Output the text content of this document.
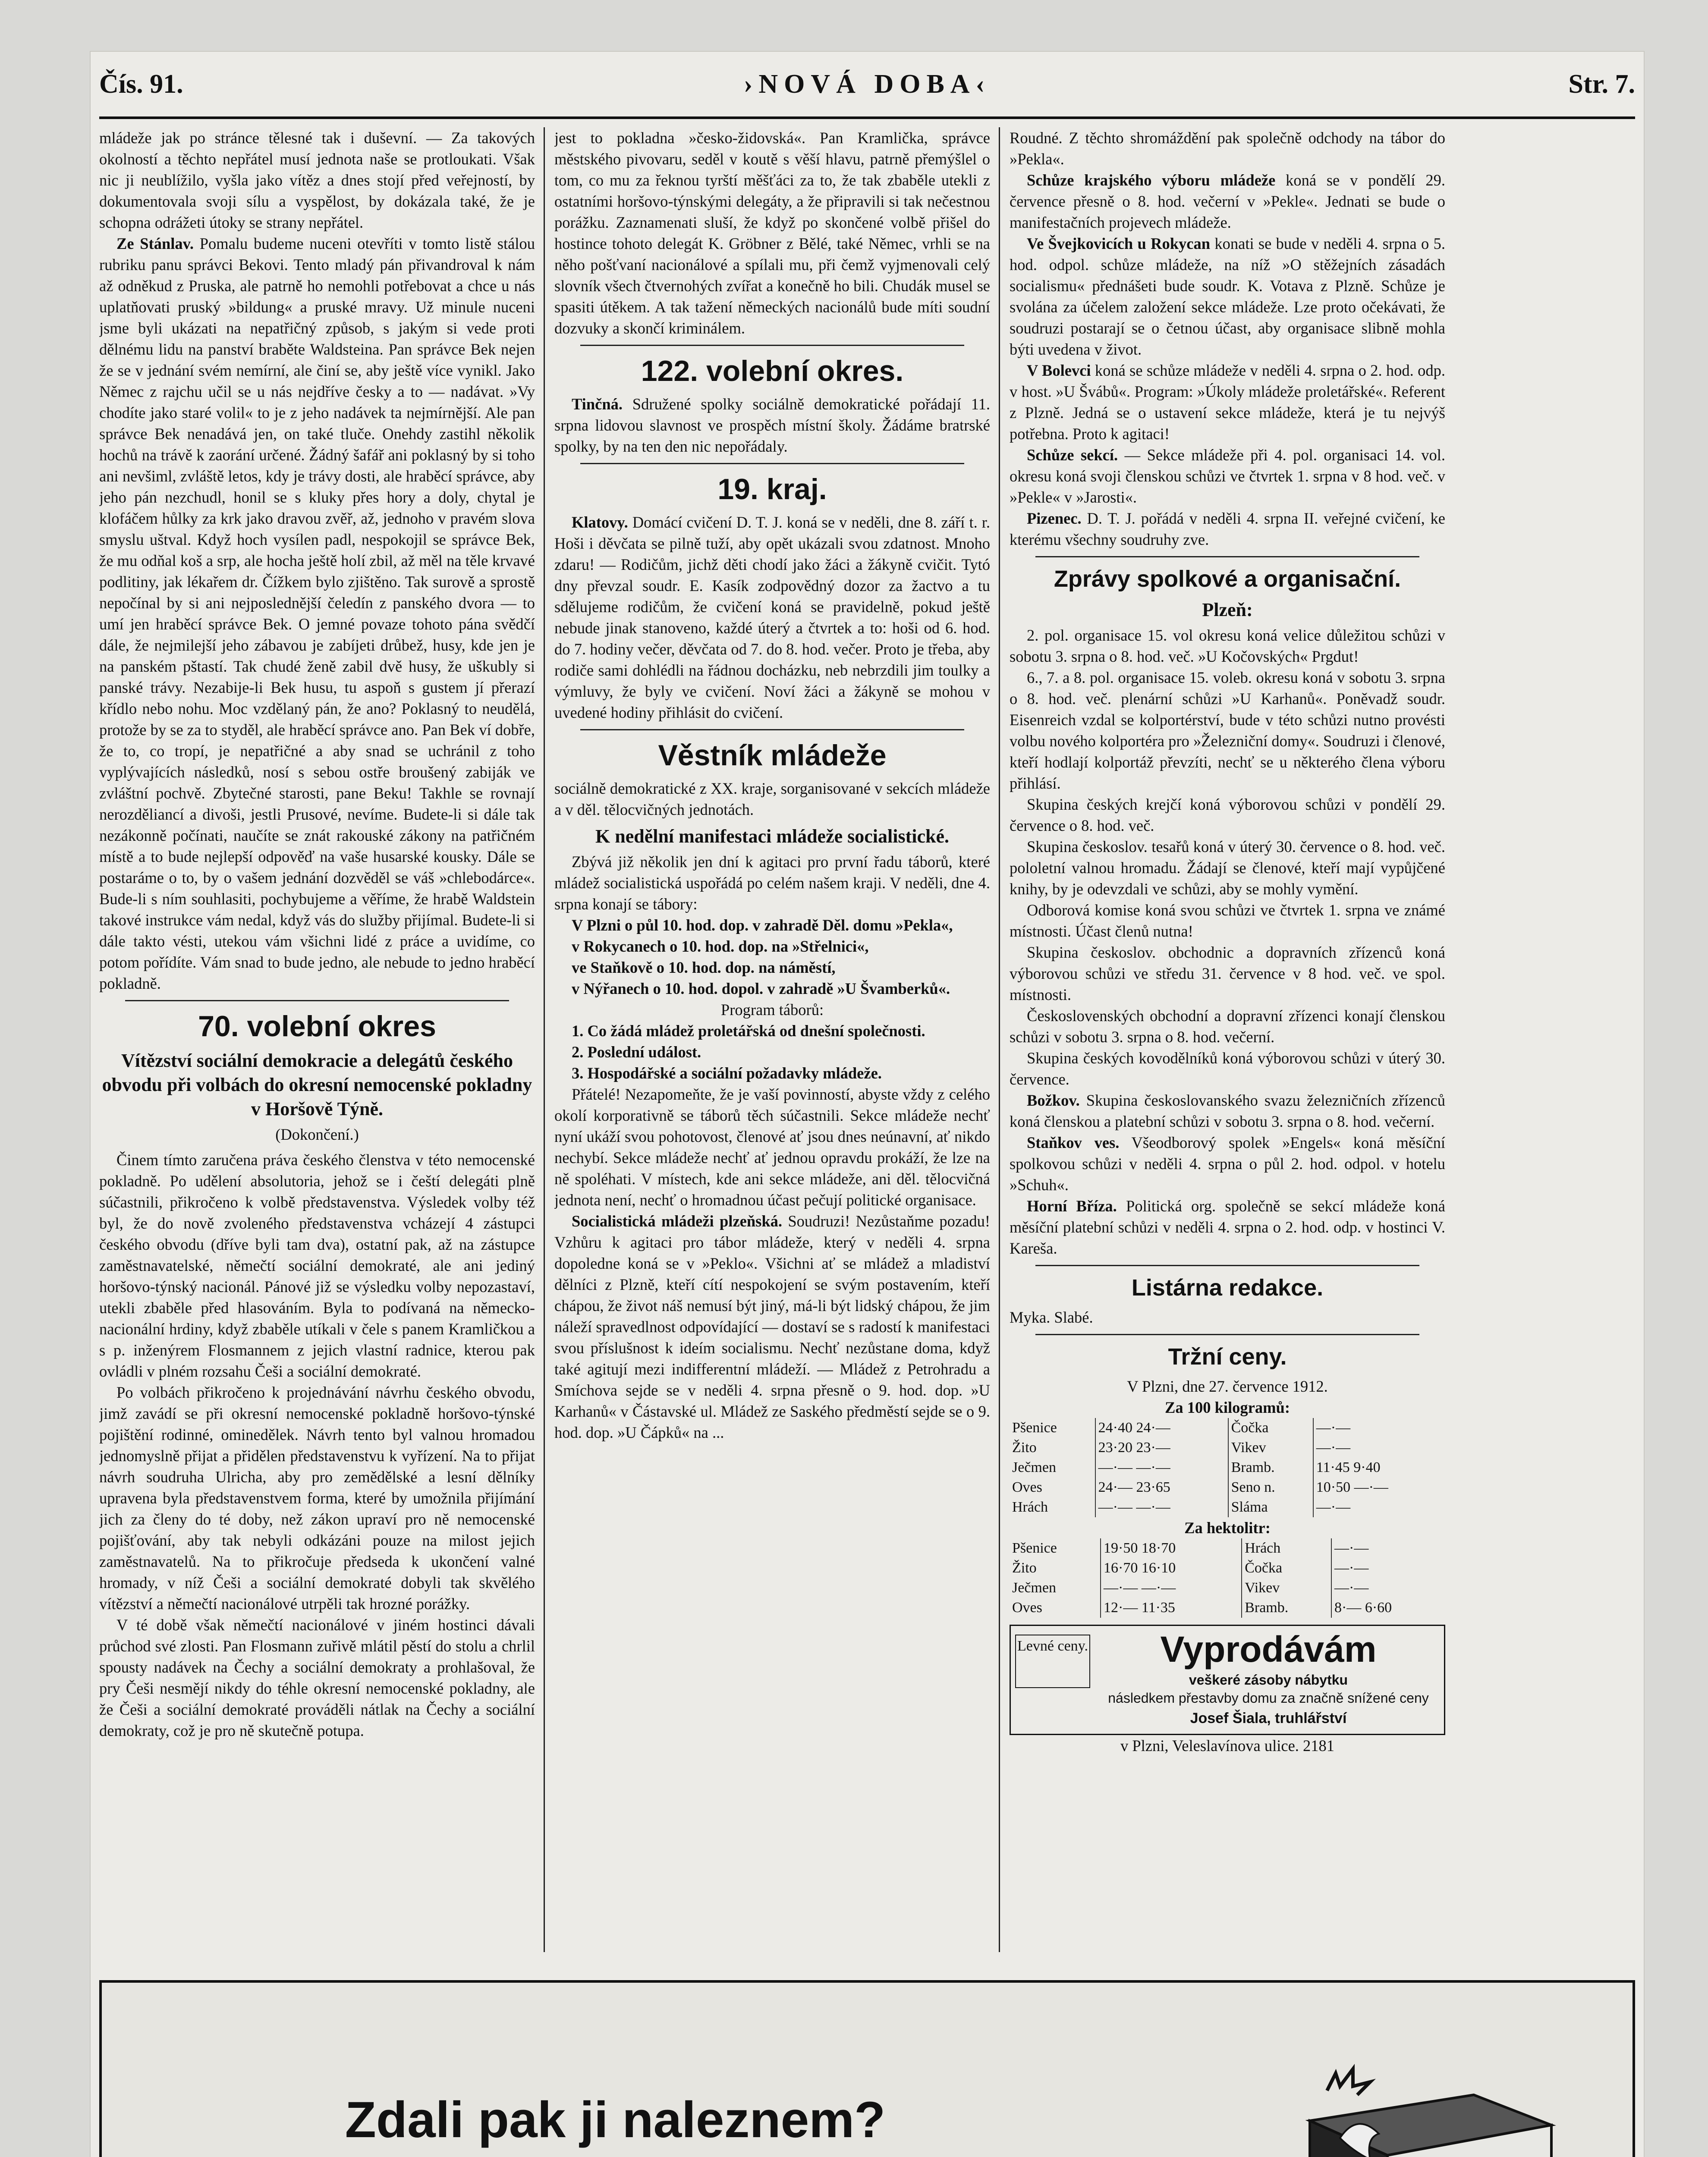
Čís. 91.	›NOVÁ DOBA‹	Str. 7.

mládeže jak po stránce tělesné tak i duševní. — Za takových okolností a těchto nepřátel musí jednota naše se protloukati. Však nic ji neublížilo, vyšla jako vítěz a dnes stojí před veřejností, by dokumentovala svoji sílu a vyspělost, by dokázala také, že je schopna odrážeti útoky se strany nepřátel.

Ze Stánlav. Pomalu budeme nuceni otevříti v tomto listě stálou rubriku panu správci Bekovi. Tento mladý pán přivandroval k nám až odněkud z Pruska, ale patrně ho nemohli potřebovat a chce u nás uplatňovati pruský »bildung« a pruské mravy. Už minule nuceni jsme byli ukázati na nepatřičný způsob, s jakým si vede proti dělnému lidu na panství braběte Waldsteina. Pan správce Bek nejen že se v jednání svém nemírní, ale činí se, aby ještě více vynikl. Jako Němec z rajchu učil se u nás nejdříve česky a to — nadávat. »Vy chodíte jako staré volil« to je z jeho nadávek ta nejmírnější. Ale pan správce Bek nenadává jen, on také tluče. Onehdy zastihl několik hochů na trávě k zaorání určené. Žádný šafář ani poklasný by si toho ani nevšiml, zvláště letos, kdy je trávy dosti, ale hraběcí správce, aby jeho pán nezchudl, honil se s kluky přes hory a doly, chytal je klofáčem hůlky za krk jako dravou zvěř, až, jednoho v pravém slova smyslu uštval. Když hoch vysílen padl, nespokojil se správce Bek, že mu odňal koš a srp, ale hocha ještě holí zbil, až měl na těle krvavé podlitiny, jak lékařem dr. Čížkem bylo zjištěno. Tak surově a sprostě nepočínal by si ani nejposlednější čeledín z panského dvora — to umí jen hraběcí správce Bek. O jemné povaze tohoto pána svědčí dále, že nejmilejší jeho zábavou je zabíjeti drůbež, husy, kde jen je na panském pštastí. Tak chudé ženě zabil dvě husy, že uškubly si panské trávy. Nezabije-li Bek husu, tu aspoň s gustem jí přerazí křídlo nebo nohu. Moc vzdělaný pán, že ano? Poklasný to neudělá, protože by se za to styděl, ale hraběcí správce ano. Pan Bek ví dobře, že to, co tropí, je nepatřičné a aby snad se uchránil z toho vyplývajících následků, nosí s sebou ostře broušený zabiják ve zvláštní pochvě. Zbytečné starosti, pane Beku! Takhle se rovnají nerozděliancí a divoši, jestli Prusové, nevíme. Budete-li si dále tak nezákonně počínati, naučíte se znát rakouské zákony na patřičném místě a to bude nejlepší odpověď na vaše husarské kousky. Dále se postaráme o to, by o vašem jednání dozvěděl se váš »chlebodárce«. Bude-li s ním souhlasiti, pochybujeme a věříme, že hrabě Waldstein takové instrukce vám nedal, když vás do služby přijímal. Budete-li si dále takto vésti, utekou vám všichni lidé z práce a uvidíme, co potom pořídíte. Vám snad to bude jedno, ale nebude to jedno hraběcí pokladně.

70. volební okres
Vítězství sociální demokracie a delegátů českého obvodu při volbách do okresní nemocenské pokladny v Horšově Týně.
(Dokončení.)

Činem tímto zaručena práva českého členstva v této nemocenské pokladně. Po udělení absolutoria, jehož se i čeští delegáti plně súčastnili, přikročeno k volbě představenstva. Výsledek volby též byl, že do nově zvoleného představenstva vcházejí 4 zástupci českého obvodu (dříve byli tam dva), ostatní pak, až na zástupce zaměstnavatelské, němečtí sociální demokraté, ale ani jediný horšovo-týnský nacionál. Pánové již se výsledku volby nepozastaví, utekli zbaběle před hlasováním. Byla to podívaná na německo-nacionální hrdiny, když zbaběle utíkali v čele s panem Kramličkou a s p. inženýrem Flosmannem z jejich vlastní radnice, kterou pak ovládli v plném rozsahu Češi a sociální demokraté.

Po volbách přikročeno k projednávání návrhu českého obvodu, jimž zavádí se při okresní nemocenské pokladně horšovo-týnské pojištění rodinné, ominedělek. Návrh tento byl valnou hromadou jednomyslně přijat a přidělen představenstvu k vyřízení. Na to přijat návrh soudruha Ulricha, aby pro zemědělské a lesní dělníky upravena byla představenstvem forma, které by umožnila přijímání jich za členy do té doby, než zákon upraví pro ně nemocenské pojišťování, aby tak nebyli odkázáni pouze na milost jejich zaměstnavatelů. Na to přikročuje předseda k ukončení valné hromady, v níž Češi a sociální demokraté dobyli tak skvělého vítězství a němečtí nacionálové utrpěli tak hrozné porážky.

V té době však němečtí nacionálové v jiném hostinci dávali průchod své zlosti. Pan Flosmann zuřivě mlátil pěstí do stolu a chrlil spousty nadávek na Čechy a sociální demokraty a prohlašoval, že pry Češi nesmějí nikdy do téhle okresní nemocenské pokladny, ale že Češi a sociální demokraté prováděli nátlak na Čechy a sociální demokraty, což je pro ně skutečně potupa.

jest to pokladna »česko-židovská«. Pan Kramlička, správce městského pivovaru, seděl v koutě s věší hlavu, patrně přemýšlel o tom, co mu za řeknou tyrští měšťáci za to, že tak zbaběle utekli z ostatními horšovo-týnskými delegáty, a že připravili si tak nečestnou porážku. Zaznamenati sluší, že když po skončené volbě přišel do hostince tohoto delegát K. Gröbner z Bělé, také Němec, vrhli se na něho pošťvaní nacionálové a spílali mu, při čemž vyjmenovali celý slovník všech čtvernohých zvířat a konečně ho bili. Chudák musel se spasiti útěkem. A tak tažení německých nacionálů bude míti soudní dozvuky a skončí kriminálem.

122. volební okres.

Tinčná. Sdružené spolky sociálně demokratické pořádají 11. srpna lidovou slavnost ve prospěch místní školy. Žádáme bratrské spolky, by na ten den nic nepořádaly.

19. kraj.

Klatovy. Domácí cvičení D. T. J. koná se v neděli, dne 8. září t. r. Hoši i děvčata se pilně tuží, aby opět ukázali svou zdatnost. Mnoho zdaru! — Rodičům, jichž děti chodí jako žáci a žákyně cvičit. Tytó dny převzal soudr. E. Kasík zodpovědný dozor za žactvo a tu sdělujeme rodičům, že cvičení koná se pravidelně, pokud ještě nebude jinak stanoveno, každé úterý a čtvrtek a to: hoši od 6. hod. do 7. hodiny večer, děvčata od 7. do 8. hod. večer. Proto je třeba, aby rodiče sami dohlédli na řádnou docházku, neb nebrzdili jim toulky a výmluvy, že byly ve cvičení. Noví žáci a žákyně se mohou v uvedené hodiny přihlásit do cvičení.

Věstník mládeže

sociálně demokratické z XX. kraje, sorganisované v sekcích mládeže a v děl. tělocvičných jednotách.

K nedělní manifestaci mládeže socialistické.

Zbývá již několik jen dní k agitaci pro první řadu táborů, které mládež socialistická uspořádá po celém našem kraji. V neděli, dne 4. srpna konají se tábory:

V Plzni o půl 10. hod. dop. v zahradě Děl. domu »Pekla«,

v Rokycanech o 10. hod. dop. na »Střelnici«,

ve Staňkově o 10. hod. dop. na náměstí,

v Nýřanech o 10. hod. dopol. v zahradě »U Švamberků«.

Program táborů:

1. Co žádá mládež proletářská od dnešní společnosti.

2. Poslední událost.

3. Hospodářské a sociální požadavky mládeže.

Přátelé! Nezapomeňte, že je vaší povinností, abyste vždy z celého okolí korporativně se táborů těch súčastnili. Sekce mládeže nechť nyní ukáží svou pohotovost, členové ať jsou dnes neúnavní, ať nikdo nechybí. Sekce mládeže nechť ať jednou opravdu prokáží, že lze na ně spoléhati. V místech, kde ani sekce mládeže, ani děl. tělocvičná jednota není, nechť o hromadnou účast pečují politické organisace.

Socialistická mládeži plzeňská. Soudruzi! Nezůstaňme pozadu! Vzhůru k agitaci pro tábor mládeže, který v neděli 4. srpna dopoledne koná se v »Peklo«. Všichni ať se mládež a mladiství dělníci z Plzně, kteří cítí nespokojení se svým postavením, kteří chápou, že život náš nemusí být jiný, má-li být lidský chápou, že jim náleží spravedlnost odpovídající — dostaví se s radostí k manifestaci svou příslušnost k ideím socialismu. Nechť nezůstane doma, když také agitují mezi indifferentní mládeží. — Mládež z Petrohradu a Smíchova sejde se v neděli 4. srpna přesně o 9. hod. dop. »U Karhanů« v Částavské ul. Mládež ze Saského předměstí sejde se o 9. hod. dop. »U Čápků« na ...

Roudné. Z těchto shromáždění pak společně odchody na tábor do »Pekla«.

Schůze krajského výboru mládeže koná se v pondělí 29. července přesně o 8. hod. večerní v »Pekle«. Jednati se bude o manifestačních projevech mládeže.

Ve Švejkovicích u Rokycan konati se bude v neděli 4. srpna o 5. hod. odpol. schůze mládeže, na níž »O stěžejních zásadách socialismu« přednášeti bude soudr. K. Votava z Plzně. Schůze je svolána za účelem založení sekce mládeže. Lze proto očekávati, že soudruzi postarají se o četnou účast, aby organisace slibně mohla býti uvedena v život.

V Bolevci koná se schůze mládeže v neděli 4. srpna o 2. hod. odp. v host. »U Švábů«. Program: »Úkoly mládeže proletářské«. Referent z Plzně. Jedná se o ustavení sekce mládeže, která je tu nejvýš potřebna. Proto k agitaci!

Schůze sekcí. — Sekce mládeže při 4. pol. organisaci 14. vol. okresu koná svoji členskou schůzi ve čtvrtek 1. srpna v 8 hod. več. v »Pekle« v »Jarosti«.

Pizenec. D. T. J. pořádá v neděli 4. srpna II. veřejné cvičení, ke kterému všechny soudruhy zve.

Zprávy spolkové a organisační.
Plzeň:

2. pol. organisace 15. vol okresu koná velice důležitou schůzi v sobotu 3. srpna o 8. hod. več. »U Kočovských« Prgdut!

6., 7. a 8. pol. organisace 15. voleb. okresu koná v sobotu 3. srpna o 8. hod. več. plenární schůzi »U Karhanů«. Poněvadž soudr. Eisenreich vzdal se kolportérství, bude v této schůzi nutno provésti volbu nového kolportéra pro »Železniční domy«. Soudruzi i členové, kteří hodlají kolportáž převzíti, nechť se u některého člena výboru přihlásí.

Skupina českých krejčí koná výborovou schůzi v pondělí 29. července o 8. hod. več.

Skupina českoslov. tesařů koná v úterý 30. července o 8. hod. več. pololetní valnou hromadu. Žádají se členové, kteří mají vypůjčené knihy, by je odevzdali ve schůzi, aby se mohly vymění.

Odborová komise koná svou schůzi ve čtvrtek 1. srpna ve známé místnosti. Účast členů nutna!

Skupina českoslov. obchodnic a dopravních zřízenců koná výborovou schůzi ve středu 31. července v 8 hod. več. ve spol. místnosti.

Československých obchodní a dopravní zřízenci konají členskou schůzi v sobotu 3. srpna o 8. hod. večerní.

Skupina českých kovodělníků koná výborovou schůzi v úterý 30. července.

Božkov. Skupina českoslovanského svazu železničních zřízenců koná členskou a platební schůzi v sobotu 3. srpna o 8. hod. večerní.

Staňkov ves. Všeodborový spolek »Engels« koná měsíční spolkovou schůzi v neděli 4. srpna o půl 2. hod. odpol. v hotelu »Schuh«.

Horní Bříza. Politická org. společně se sekcí mládeže koná měsíční platební schůzi v neděli 4. srpna o 2. hod. odp. v hostinci V. Kareša.

Listárna redakce.

Myka. Slabé.

Tržní ceny.

V Plzni, dne 27. července 1912.

Za 100 kilogramů:

Pšenice	24·40 24·—	Čočka	—·—
Žito	23·20 23·—	Vikev	—·—
Ječmen	—·— —·—	Bramb.	11·45 9·40
Oves	24·— 23·65	Seno n.	10·50 —·—
Hrách	—·— —·—	Sláma	—·—

Za hektolitr:

Pšenice	19·50 18·70	Hrách	—·—
Žito	16·70 16·10	Čočka	—·—
Ječmen	—·— —·—	Vikev	—·—
Oves	12·— 11·35	Bramb.	8·— 6·60
Levné ceny.	Vyprodávám
veškeré zásoby nábytku
následkem přestavby domu za značně snížené ceny
Josef Šiala, truhlářství

v Plzni, Veleslavínova ulice. 2181

Zdali pak ji naleznem?
